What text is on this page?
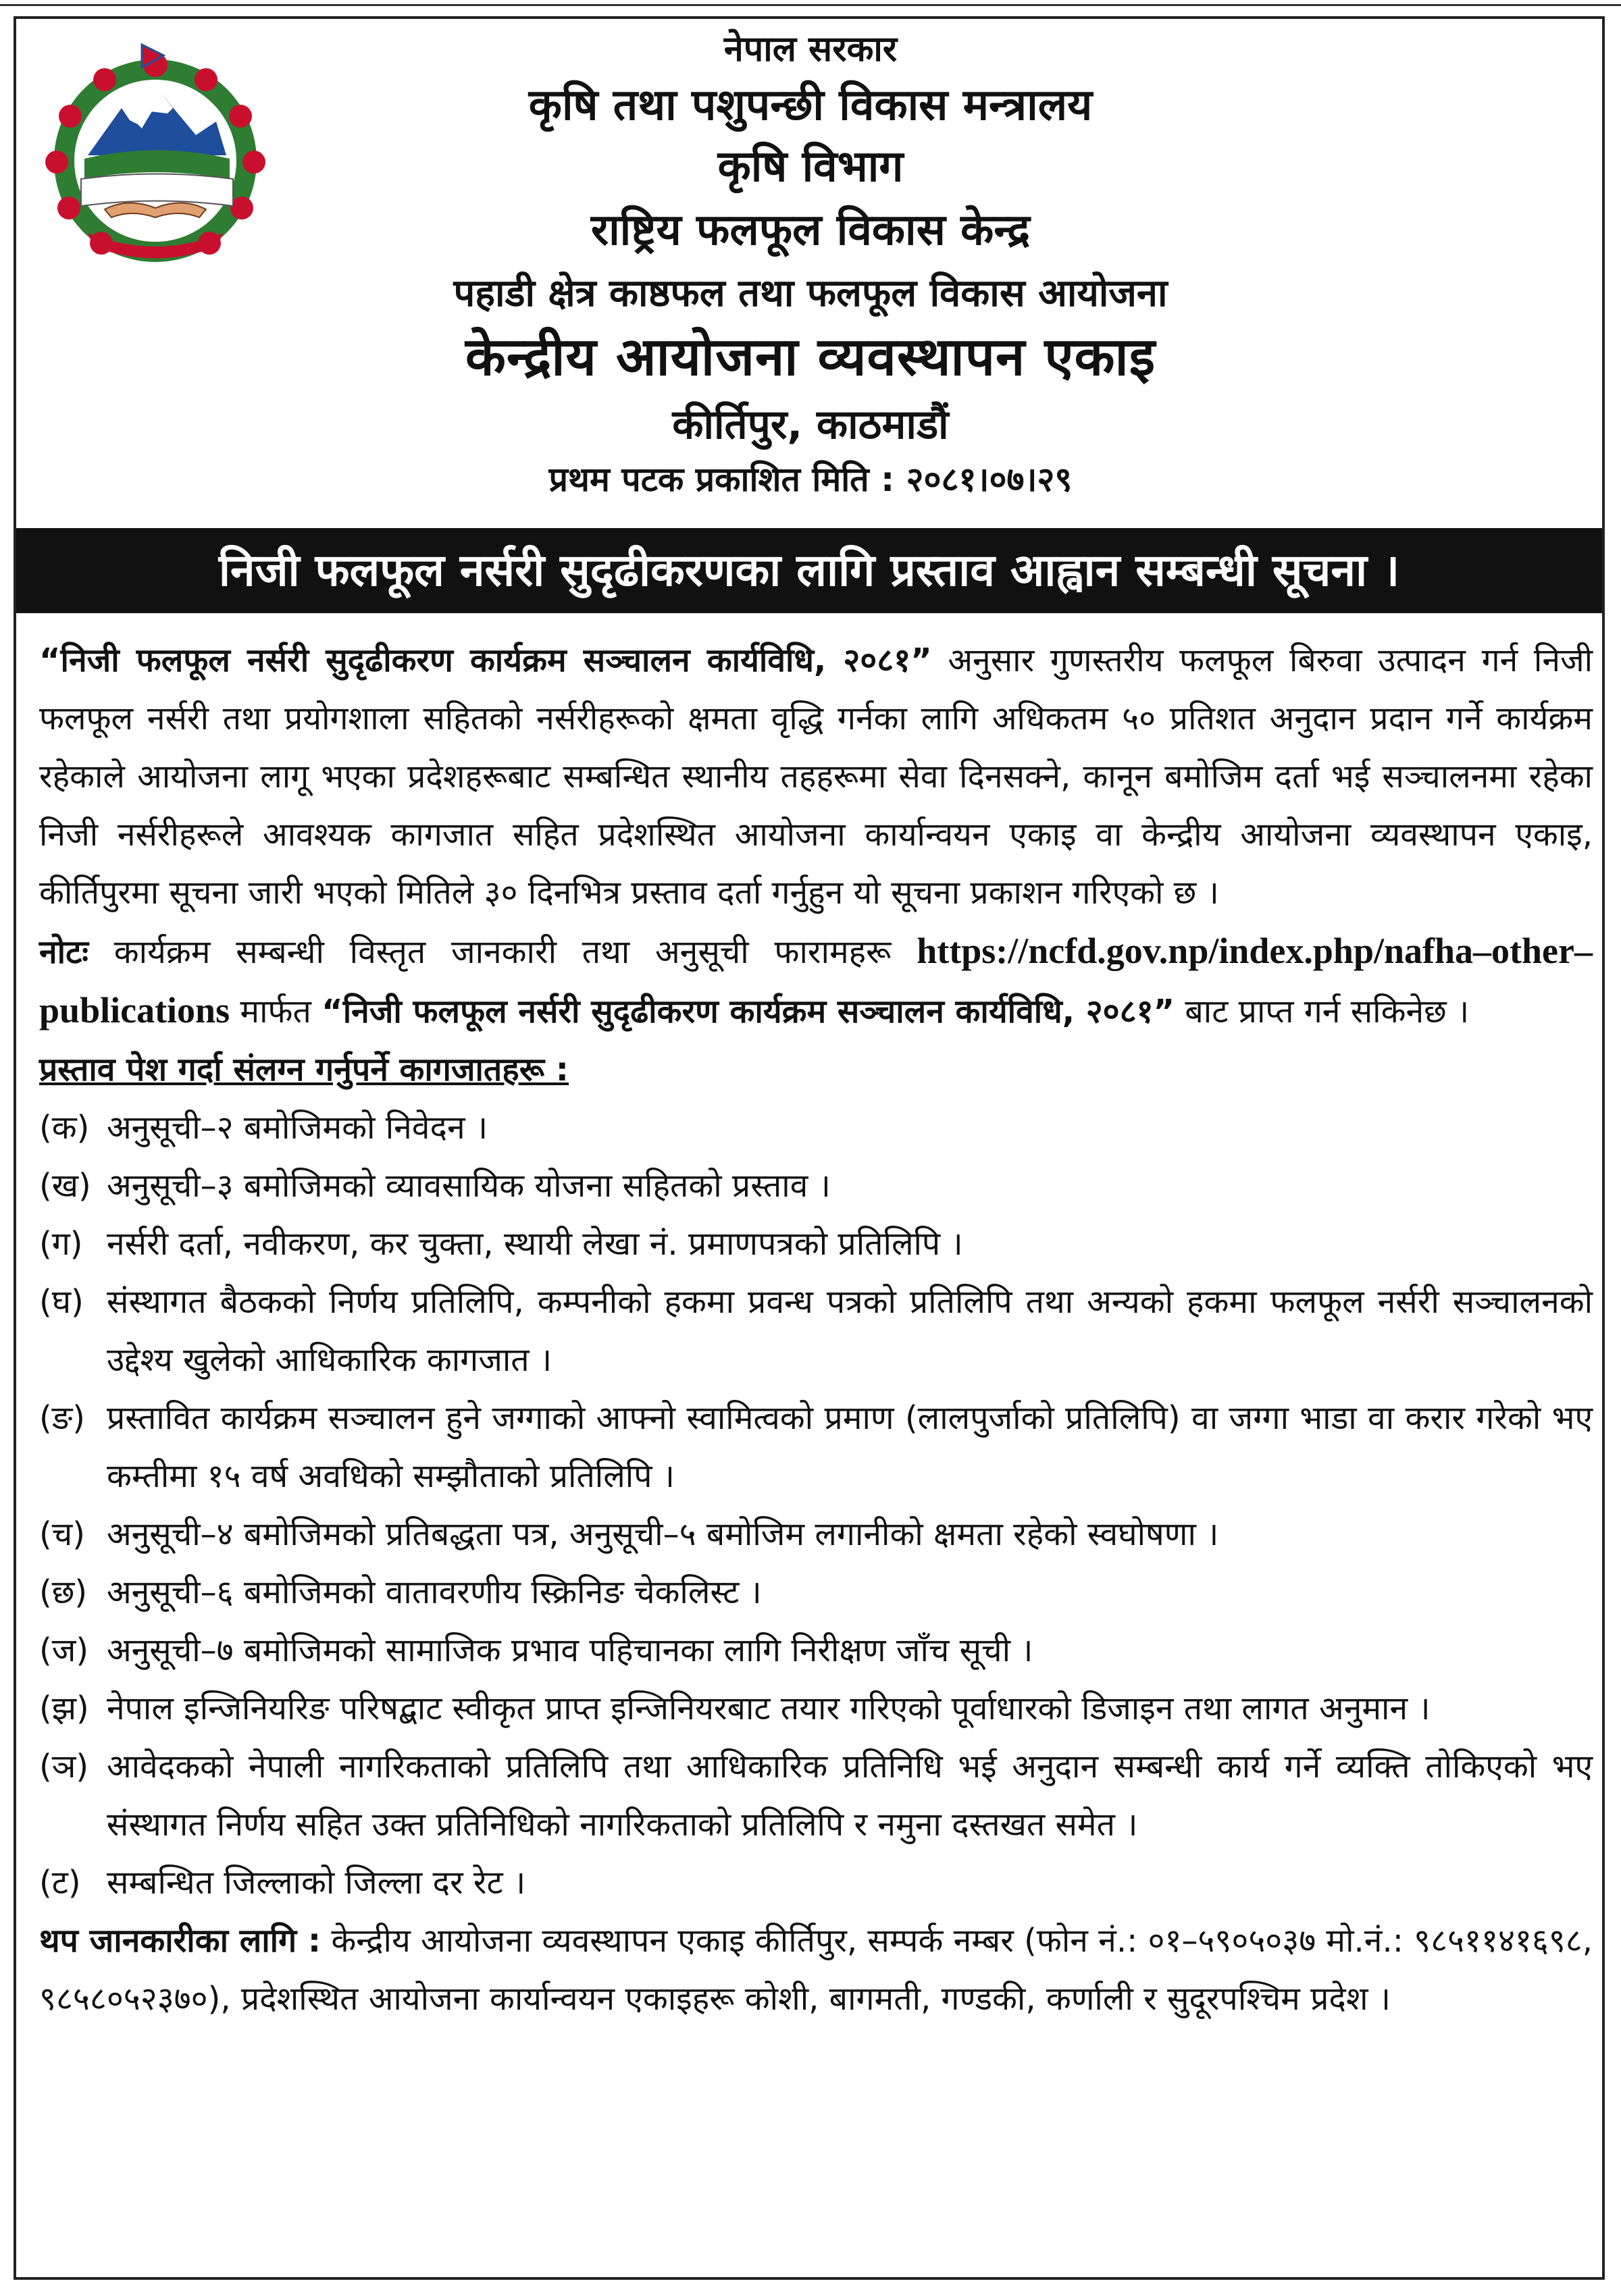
नेपाल सरकार
कृषि तथा पशुपन्छी विकास मन्त्रालय
कृषि विभाग
राष्ट्रिय फलफूल विकास केन्द्र
पहाडी क्षेत्र काष्ठफल तथा फलफूल विकास आयोजना
केन्द्रीय आयोजना व्यवस्थापन एकाइ
कीर्तिपुर, काठमाडौं
प्रथम पटक प्रकाशित मिति : २०८१।०७।२९
निजी फलफूल नर्सरी सुदृढीकरणका लागि प्रस्ताव आह्वान सम्बन्धी सूचना ।

“निजी फलफूल नर्सरी सुदृढीकरण कार्यक्रम सञ्चालन कार्यविधि, २०८१” अनुसार गुणस्तरीय फलफूल बिरुवा उत्पादन गर्न निजी फलफूल नर्सरी तथा प्रयोगशाला सहितको नर्सरीहरूको क्षमता वृद्धि गर्नका लागि अधिकतम ५० प्रतिशत अनुदान प्रदान गर्ने कार्यक्रम रहेकाले आयोजना लागू भएका प्रदेशहरूबाट सम्बन्धित स्थानीय तहहरूमा सेवा दिनसक्ने, कानून बमोजिम दर्ता भई सञ्चालनमा रहेका निजी नर्सरीहरूले आवश्यक कागजात सहित प्रदेशस्थित आयोजना कार्यान्वयन एकाइ वा केन्द्रीय आयोजना व्यवस्थापन एकाइ, कीर्तिपुरमा सूचना जारी भएको मितिले ३० दिनभित्र प्रस्ताव दर्ता गर्नुहुन यो सूचना प्रकाशन गरिएको छ ।

नोटः कार्यक्रम सम्बन्धी विस्तृत जानकारी तथा अनुसूची फारामहरू https://ncfd.gov.np/index.php/nafha–other–publications मार्फत “निजी फलफूल नर्सरी सुदृढीकरण कार्यक्रम सञ्चालन कार्यविधि, २०८१” बाट प्राप्त गर्न सकिनेछ ।

प्रस्ताव पेश गर्दा संलग्न गर्नुपर्ने कागजातहरू :

(क) अनुसूची–२ बमोजिमको निवेदन ।
(ख) अनुसूची–३ बमोजिमको व्यावसायिक योजना सहितको प्रस्ताव ।
(ग) नर्सरी दर्ता, नवीकरण, कर चुक्ता, स्थायी लेखा नं. प्रमाणपत्रको प्रतिलिपि ।
(घ) संस्थागत बैठकको निर्णय प्रतिलिपि, कम्पनीको हकमा प्रवन्ध पत्रको प्रतिलिपि तथा अन्यको हकमा फलफूल नर्सरी सञ्चालनको उद्देश्य खुलेको आधिकारिक कागजात ।
(ङ) प्रस्तावित कार्यक्रम सञ्चालन हुने जग्गाको आफ्नो स्वामित्वको प्रमाण (लालपुर्जाको प्रतिलिपि) वा जग्गा भाडा वा करार गरेको भए कम्तीमा १५ वर्ष अवधिको सम्झौताको प्रतिलिपि ।
(च) अनुसूची–४ बमोजिमको प्रतिबद्धता पत्र, अनुसूची–५ बमोजिम लगानीको क्षमता रहेको स्वघोषणा ।
(छ) अनुसूची–६ बमोजिमको वातावरणीय स्क्रिनिङ चेकलिस्ट ।
(ज) अनुसूची–७ बमोजिमको सामाजिक प्रभाव पहिचानका लागि निरीक्षण जाँच सूची ।
(झ) नेपाल इन्जिनियरिङ परिषद्बाट स्वीकृत प्राप्त इन्जिनियरबाट तयार गरिएको पूर्वाधारको डिजाइन तथा लागत अनुमान ।
(ञ) आवेदकको नेपाली नागरिकताको प्रतिलिपि तथा आधिकारिक प्रतिनिधि भई अनुदान सम्बन्धी कार्य गर्ने व्यक्ति तोकिएको भए संस्थागत निर्णय सहित उक्त प्रतिनिधिको नागरिकताको प्रतिलिपि र नमुना दस्तखत समेत ।
(ट) सम्बन्धित जिल्लाको जिल्ला दर रेट ।

थप जानकारीका लागि : केन्द्रीय आयोजना व्यवस्थापन एकाइ कीर्तिपुर, सम्पर्क नम्बर (फोन नं.: ०१–५९०५०३७ मो.नं.: ९८५११४१६९८, ९८५८०५२३७०), प्रदेशस्थित आयोजना कार्यान्वयन एकाइहरू कोशी, बागमती, गण्डकी, कर्णाली र सुदूरपश्चिम प्रदेश ।
